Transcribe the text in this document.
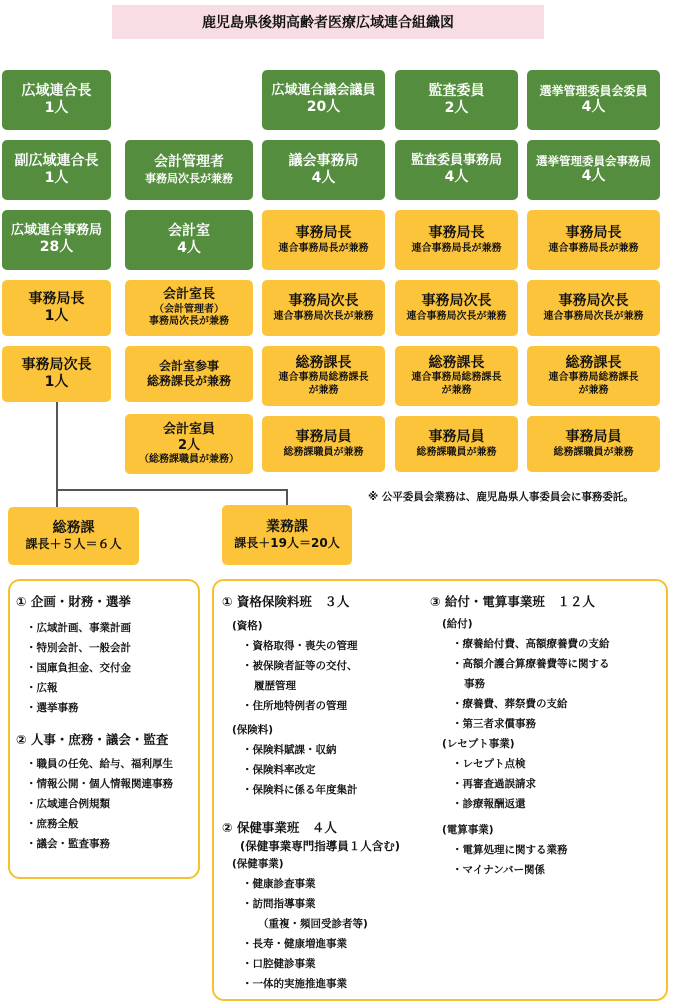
鹿児島県後期高齢者医療広域連合組織図
広域連合長
1人
副広域連合長
1人
広域連合事務局
28人
事務局長
1人
事務局次長
1人
会計管理者
事務局次長が兼務
会計室
4人
会計室長
（会計管理者）
事務局次長が兼務
会計室参事
総務課長が兼務
会計室員
2人
（総務課職員が兼務）
広域連合議会議員
20人
議会事務局
4人
事務局長
連合事務局長が兼務
事務局次長
連合事務局次長が兼務
総務課長
連合事務局総務課長
が兼務
事務局員
総務課職員が兼務
監査委員
2人
監査委員事務局
4人
事務局長
連合事務局長が兼務
事務局次長
連合事務局次長が兼務
総務課長
連合事務局総務課長
が兼務
事務局員
総務課職員が兼務
選挙管理委員会委員
4人
選挙管理委員会事務局
4人
事務局長
連合事務局長が兼務
事務局次長
連合事務局次長が兼務
総務課長
連合事務局総務課長
が兼務
事務局員
総務課職員が兼務
※ 公平委員会業務は、鹿児島県人事委員会に事務委託。
総務課
課長＋５人＝６人
業務課
課長＋19人＝20人
① 企画・財務・選挙
・広域計画、事業計画
・特別会計、一般会計
・国庫負担金、交付金
・広報
・選挙事務
② 人事・庶務・議会・監査
・職員の任免、給与、福利厚生
・情報公開・個人情報関連事務
・広域連合例規類
・庶務全般
・議会・監査事務
① 資格保険料班　３人
(資格)
・資格取得・喪失の管理
・被保険者証等の交付、
履歴管理
・住所地特例者の管理
(保険料)
・保険料賦課・収納
・保険料率改定
・保険料に係る年度集計
② 保健事業班　４人
(保健事業専門指導員１人含む)
(保健事業)
・健康診査事業
・訪問指導事業
（重複・頻回受診者等)
・長寿・健康増進事業
・口腔健診事業
・一体的実施推進事業
③ 給付・電算事業班　１２人
(給付)
・療養給付費、高額療養費の支給
・高額介護合算療養費等に関する
事務
・療養費、葬祭費の支給
・第三者求償事務
(レセプト事業)
・レセプト点検
・再審査過誤請求
・診療報酬返還
(電算事業)
・電算処理に関する業務
・マイナンバー関係
